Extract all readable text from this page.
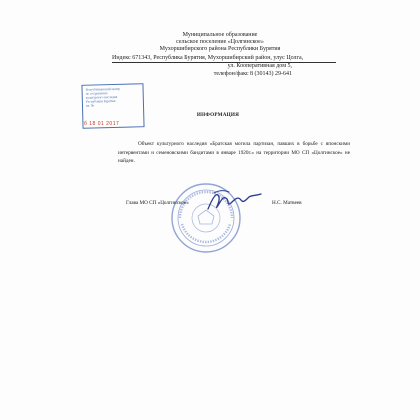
Муниципальное образование
сельское поселение «Цолгинское»
Мухоршибирского района Республики Бурятия
Индекс 671343, Республика Бурятия, Мухоршибирский район, улус Цолга,
ул. Кооперативная дом 5,
телефон/факс 8 (30143) 29-641
Республиканский центр
по сохранению
культурного наследия
Республики Бурятия
вх. №
б 18 01 2017
ИНФОРМАЦИЯ
Объект культурного наследия «Братская могила партизан, павших в борьбе с японскими интервентами и семеновскими бандитами в январе 1920г.» на территории МО СП «Цолгинское» не найден.
Глава МО СП «Цолгинское»	Н.С. Матвеев
